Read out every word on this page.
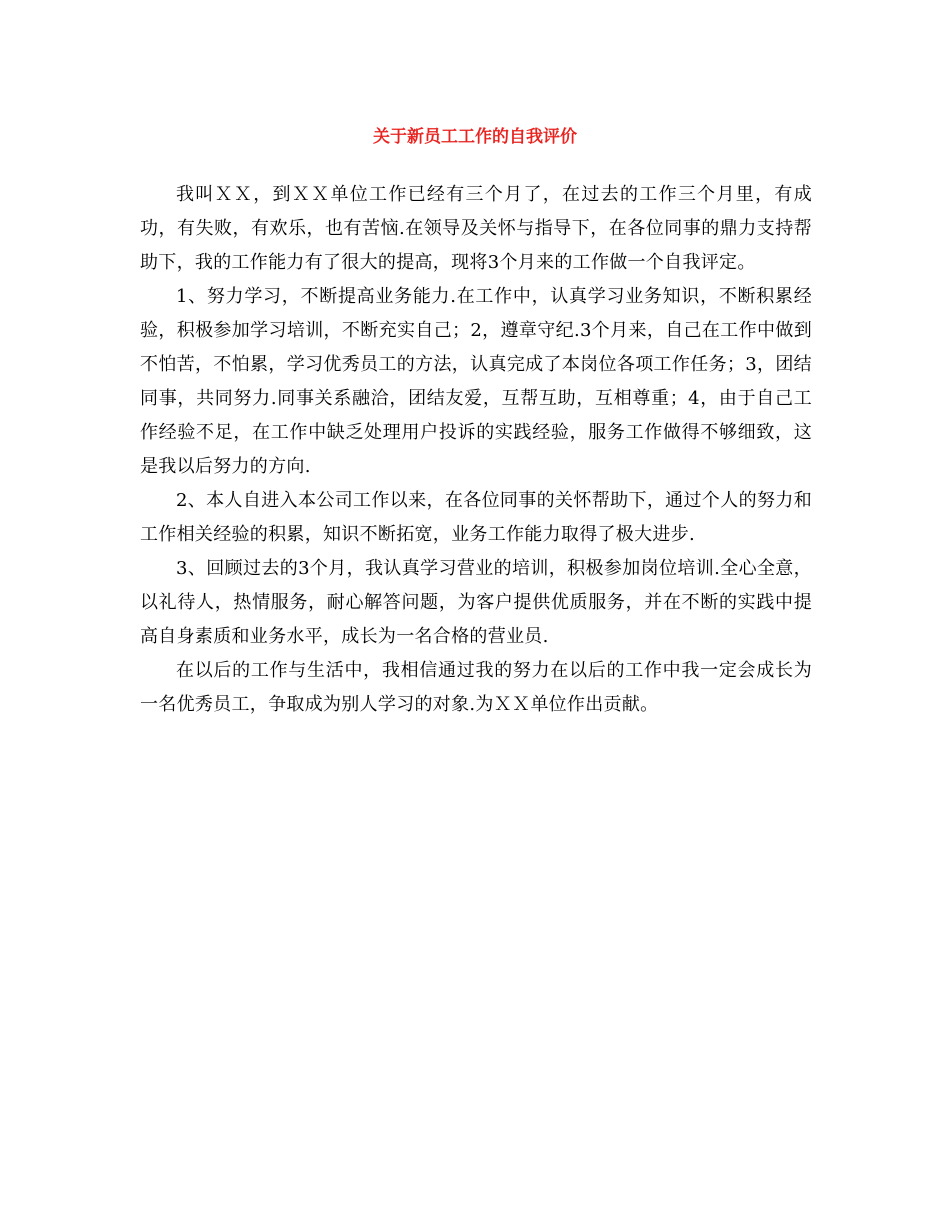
关于新员工工作的自我评价

我叫ＸＸ，到ＸＸ单位工作已经有三个月了，在过去的工作三个月里，有成功，有失败，有欢乐，也有苦恼.在领导及关怀与指导下，在各位同事的鼎力支持帮助下，我的工作能力有了很大的提高，现将3个月来的工作做一个自我评定。

1、努力学习，不断提高业务能力.在工作中，认真学习业务知识，不断积累经验，积极参加学习培训，不断充实自己；2，遵章守纪.3个月来，自己在工作中做到不怕苦，不怕累，学习优秀员工的方法，认真完成了本岗位各项工作任务；3，团结同事，共同努力.同事关系融洽，团结友爱，互帮互助，互相尊重；4，由于自己工作经验不足，在工作中缺乏处理用户投诉的实践经验，服务工作做得不够细致，这是我以后努力的方向.

2、本人自进入本公司工作以来，在各位同事的关怀帮助下，通过个人的努力和工作相关经验的积累，知识不断拓宽，业务工作能力取得了极大进步.

3、回顾过去的3个月，我认真学习营业的培训，积极参加岗位培训.全心全意，以礼待人，热情服务，耐心解答问题，为客户提供优质服务，并在不断的实践中提高自身素质和业务水平，成长为一名合格的营业员.

在以后的工作与生活中，我相信通过我的努力在以后的工作中我一定会成长为一名优秀员工，争取成为别人学习的对象.为ＸＸ单位作出贡献。
